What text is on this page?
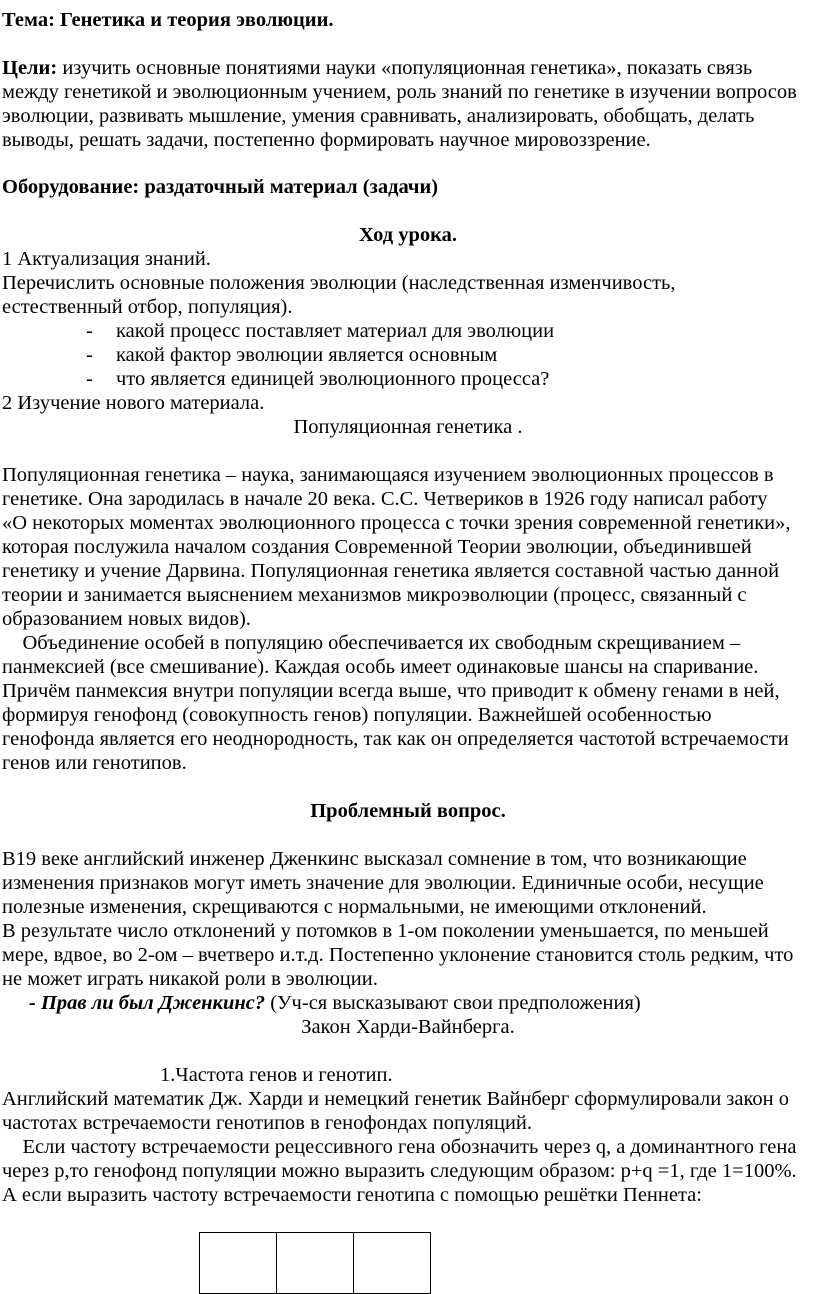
Тема: Генетика и теория эволюции.
Цели: изучить основные понятиями науки «популяционная генетика», показать связь
между генетикой и эволюционным учением, роль знаний по генетике в изучении вопросов
эволюции, развивать мышление, умения сравнивать, анализировать, обобщать, делать
выводы, решать задачи, постепенно формировать научное мировоззрение.
Оборудование: раздаточный материал (задачи)
Ход урока.
1 Актуализация знаний.
Перечислить основные положения эволюции (наследственная изменчивость,
естественный отбор, популяция).
- какой процесс поставляет материал для эволюции
- какой фактор эволюции является основным
- что является единицей эволюционного процесса?
2 Изучение нового материала.
Популяционная генетика .
Популяционная генетика – наука, занимающаяся изучением эволюционных процессов в
генетике. Она зародилась в начале 20 века. С.С. Четвериков в 1926 году написал работу
«О некоторых моментах эволюционного процесса с точки зрения современной генетики»,
которая послужила началом создания Современной Теории эволюции, объединившей
генетику и учение Дарвина. Популяционная генетика является составной частью данной
теории и занимается выяснением механизмов микроэволюции (процесс, связанный с
образованием новых видов).
Объединение особей в популяцию обеспечивается их свободным скрещиванием –
панмексией (все смешивание). Каждая особь имеет одинаковые шансы на спаривание.
Причём панмексия внутри популяции всегда выше, что приводит к обмену генами в ней,
формируя генофонд (совокупность генов) популяции. Важнейшей особенностью
генофонда является его неоднородность, так как он определяется частотой встречаемости
генов или генотипов.
Проблемный вопрос.
В19 веке английский инженер Дженкинс высказал сомнение в том, что возникающие
изменения признаков могут иметь значение для эволюции. Единичные особи, несущие
полезные изменения, скрещиваются с нормальными, не имеющими отклонений.
В результате число отклонений у потомков в 1-ом поколении уменьшается, по меньшей
мере, вдвое, во 2-ом – вчетверо и.т.д. Постепенно уклонение становится столь редким, что
не может играть никакой роли в эволюции.
- Прав ли был Дженкинс? (Уч-ся высказывают свои предположения)
Закон Харди-Вайнберга.
1.Частота генов и генотип.
Английский математик Дж. Харди и немецкий генетик Вайнберг сформулировали закон о
частотах встречаемости генотипов в генофондах популяций.
Если частоту встречаемости рецессивного гена обозначить через q, а доминантного гена
через р,то генофонд популяции можно выразить следующим образом: p+q =1, где 1=100%.
А если выразить частоту встречаемости генотипа с помощью решётки Пеннета:
